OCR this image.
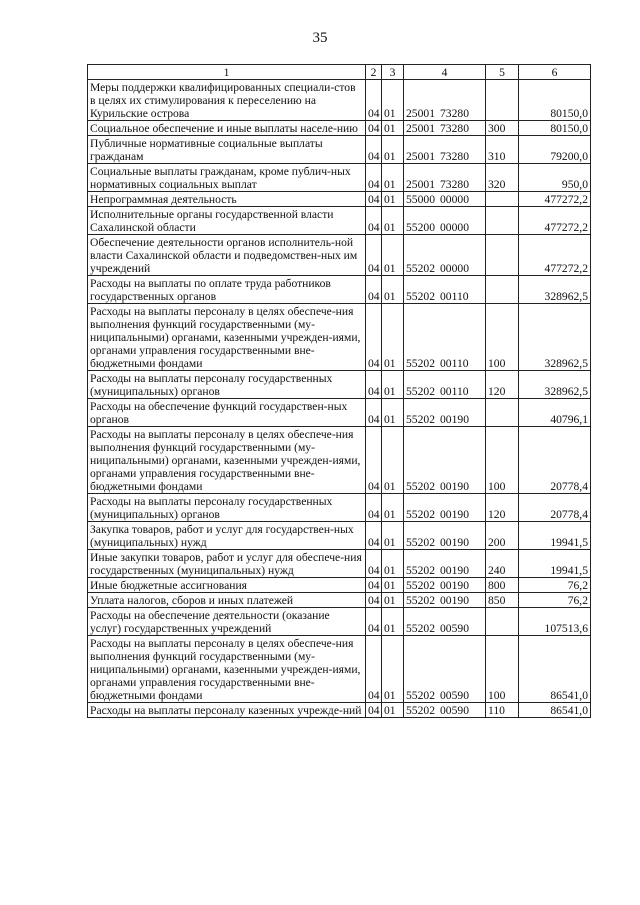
35
1	2	3	4	5	6
Меры поддержки квалифицированных специали-стов в целях их стимулирования к переселению на Курильские острова	04	01	25001 73280		80150,0
Социальное обеспечение и иные выплаты населе-нию	04	01	25001 73280	300	80150,0
Публичные нормативные социальные выплаты гражданам	04	01	25001 73280	310	79200,0
Социальные выплаты гражданам, кроме публич-ных нормативных социальных выплат	04	01	25001 73280	320	950,0
Непрограммная деятельность	04	01	55000 00000		477272,2
Исполнительные органы государственной власти Сахалинской области	04	01	55200 00000		477272,2
Обеспечение деятельности органов исполнитель-ной власти Сахалинской области и подведомствен-ных им учреждений	04	01	55202 00000		477272,2
Расходы на выплаты по оплате труда работников государственных органов	04	01	55202 00110		328962,5
Расходы на выплаты персоналу в целях обеспече-ния выполнения функций государственными (му-ниципальными) органами, казенными учрежден-иями, органами управления государственными вне-бюджетными фондами	04	01	55202 00110	100	328962,5
Расходы на выплаты персоналу государственных (муниципальных) органов	04	01	55202 00110	120	328962,5
Расходы на обеспечение функций государствен-ных органов	04	01	55202 00190		40796,1
Расходы на выплаты персоналу в целях обеспече-ния выполнения функций государственными (му-ниципальными) органами, казенными учрежден-иями, органами управления государственными вне-бюджетными фондами	04	01	55202 00190	100	20778,4
Расходы на выплаты персоналу государственных (муниципальных) органов	04	01	55202 00190	120	20778,4
Закупка товаров, работ и услуг для государствен-ных (муниципальных) нужд	04	01	55202 00190	200	19941,5
Иные закупки товаров, работ и услуг для обеспече-ния государственных (муниципальных) нужд	04	01	55202 00190	240	19941,5
Иные бюджетные ассигнования	04	01	55202 00190	800	76,2
Уплата налогов, сборов и иных платежей	04	01	55202 00190	850	76,2
Расходы на обеспечение деятельности (оказание услуг) государственных учреждений	04	01	55202 00590		107513,6
Расходы на выплаты персоналу в целях обеспече-ния выполнения функций государственными (му-ниципальными) органами, казенными учрежден-иями, органами управления государственными вне-бюджетными фондами	04	01	55202 00590	100	86541,0
Расходы на выплаты персоналу казенных учрежде-ний	04	01	55202 00590	110	86541,0
